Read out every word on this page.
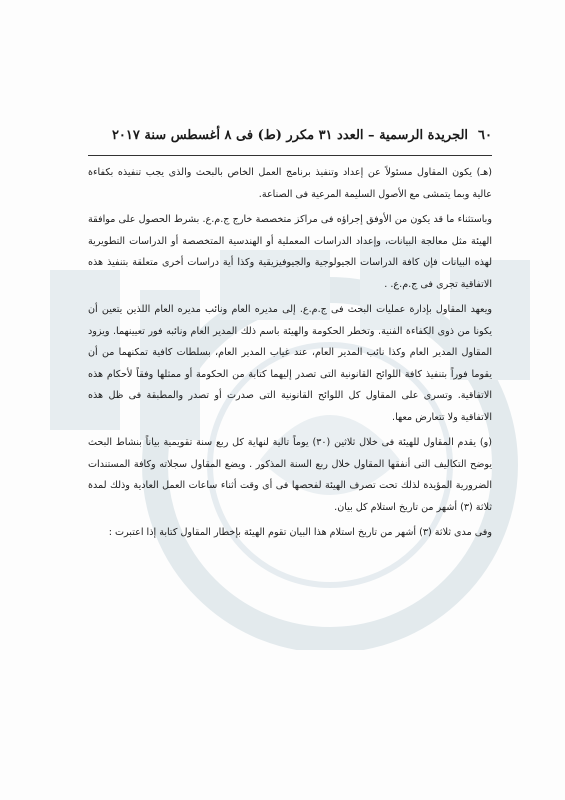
٦٠
الجريدة الرسمية – العدد ٣١ مكرر (ط) فى ٨ أغسطس سنة ٢٠١٧

(هـ) يكون المقاول مسئولاً عن إعداد وتنفيذ برنامج العمل الخاص بالبحث والذى يجب تنفيذه بكفاءة عالية وبما يتمشى مع الأصول السليمة المرعية فى الصناعة.

وباستثناء ما قد يكون من الأوفق إجراؤه فى مراكز متخصصة خارج ج.م.ع. بشرط الحصول على موافقة الهيئة مثل معالجة البيانات، وإعداد الدراسات المعملية أو الهندسية المتخصصة أو الدراسات التطويرية لهذه البيانات فإن كافة الدراسات الجيولوجية والجيوفيزيقية وكذا أية دراسات أخرى متعلقة بتنفيذ هذه الاتفاقية تجرى فى ج.م.ع. .

ويعهد المقاول بإدارة عمليات البحث فى ج.م.ع. إلى مديره العام ونائب مديره العام اللذين يتعين أن يكونا من ذوى الكفاءة الفنية. وتخطر الحكومة والهيئة باسم ذلك المدير العام ونائبه فور تعيينهما. ويزود المقاول المدير العام وكذا نائب المدير العام، عند غياب المدير العام، بسلطات كافية تمكنهما من أن يقوما فوراً بتنفيذ كافة اللوائح القانونية التى تصدر إليهما كتابة من الحكومة أو ممثلها وفقاً لأحكام هذه الاتفاقية. وتسرى على المقاول كل اللوائح القانونية التى صدرت أو تصدر والمطبقة فى ظل هذه الاتفاقية ولا تتعارض معها.

(و) يقدم المقاول للهيئة فى خلال ثلاثين (٣٠) يوماً تالية لنهاية كل ربع سنة تقويمية بياناً بنشاط البحث يوضح التكاليف التى أنفقها المقاول خلال ربع السنة المذكور . ويضع المقاول سجلاته وكافة المستندات الضرورية المؤيدة لذلك تحت تصرف الهيئة لفحصها فى أى وقت أثناء ساعات العمل العادية وذلك لمدة ثلاثة (٣) أشهر من تاريخ استلام كل بيان.

وفى مدى ثلاثة (٣) أشهر من تاريخ استلام هذا البيان تقوم الهيئة بإخطار المقاول كتابة إذا اعتبرت :
